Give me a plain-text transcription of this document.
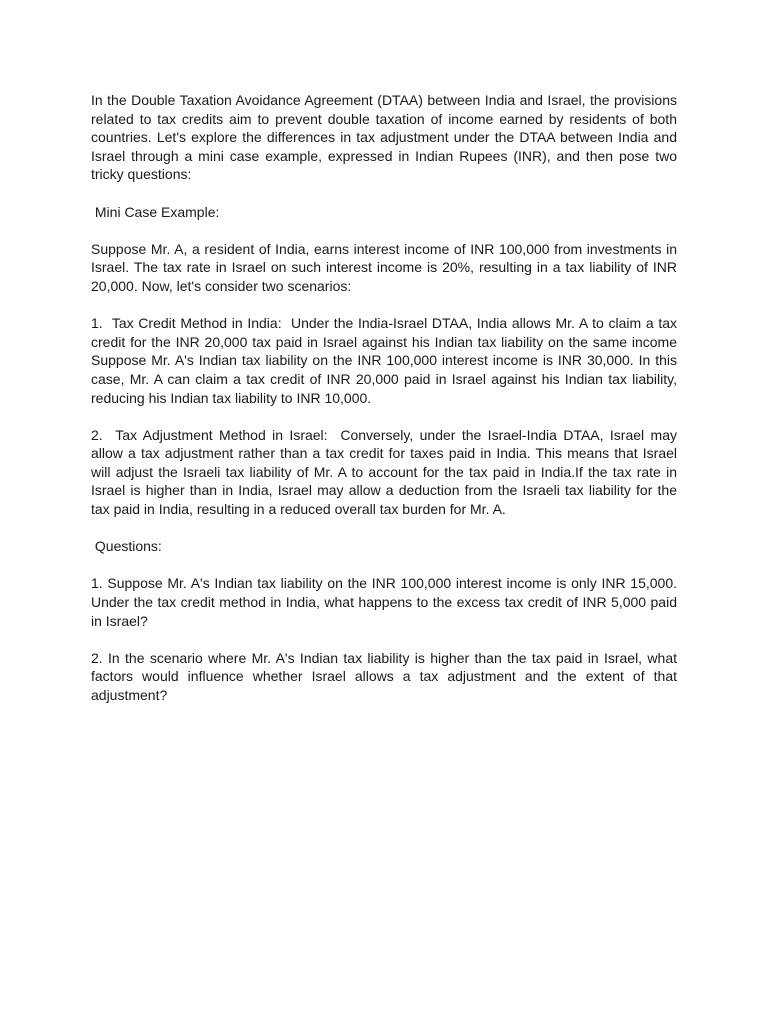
In the Double Taxation Avoidance Agreement (DTAA) between India and Israel, the provisions related to tax credits aim to prevent double taxation of income earned by residents of both countries. Let's explore the differences in tax adjustment under the DTAA between India and Israel through a mini case example, expressed in Indian Rupees (INR), and then pose two tricky questions:

Mini Case Example:

Suppose Mr. A, a resident of India, earns interest income of INR 100,000 from investments in Israel. The tax rate in Israel on such interest income is 20%, resulting in a tax liability of INR 20,000. Now, let's consider two scenarios:

1.  Tax Credit Method in India:  Under the India-Israel DTAA, India allows Mr. A to claim a tax credit for the INR 20,000 tax paid in Israel against his Indian tax liability on the same income Suppose Mr. A's Indian tax liability on the INR 100,000 interest income is INR 30,000. In this case, Mr. A can claim a tax credit of INR 20,000 paid in Israel against his Indian tax liability, reducing his Indian tax liability to INR 10,000.

2.  Tax Adjustment Method in Israel:  Conversely, under the Israel-India DTAA, Israel may allow a tax adjustment rather than a tax credit for taxes paid in India. This means that Israel will adjust the Israeli tax liability of Mr. A to account for the tax paid in India.If the tax rate in Israel is higher than in India, Israel may allow a deduction from the Israeli tax liability for the tax paid in India, resulting in a reduced overall tax burden for Mr. A.

Questions:

1. Suppose Mr. A's Indian tax liability on the INR 100,000 interest income is only INR 15,000. Under the tax credit method in India, what happens to the excess tax credit of INR 5,000 paid in Israel?

2. In the scenario where Mr. A's Indian tax liability is higher than the tax paid in Israel, what factors would influence whether Israel allows a tax adjustment and the extent of that adjustment?
